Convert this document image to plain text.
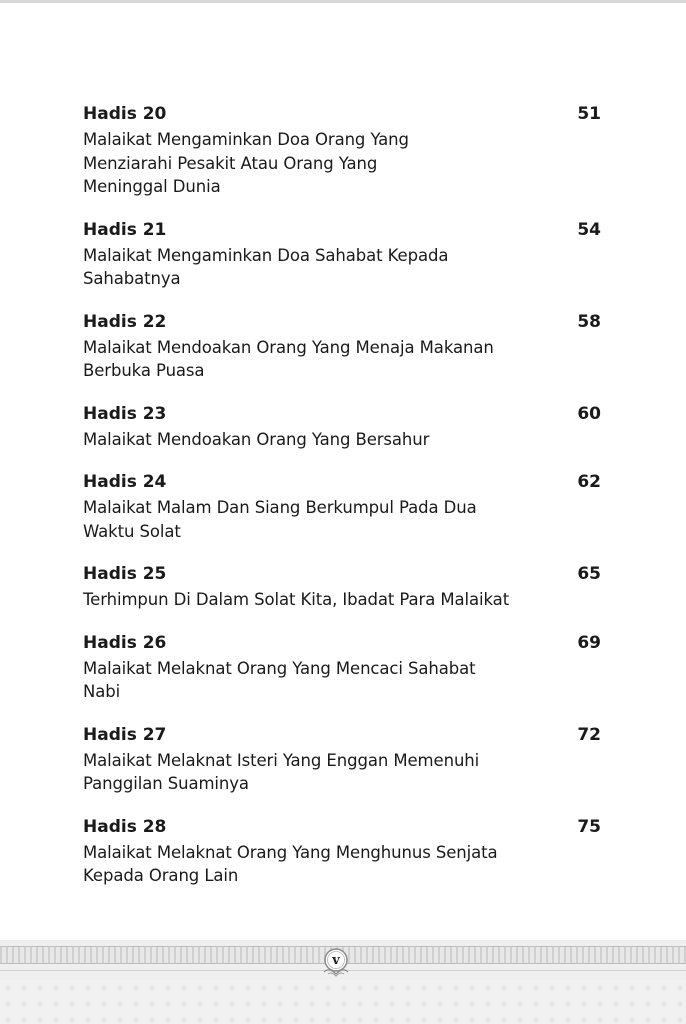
Hadis 20	51
Malaikat Mengaminkan Doa Orang Yang
Menziarahi Pesakit Atau Orang Yang
Meninggal Dunia
Hadis 21	54
Malaikat Mengaminkan Doa Sahabat Kepada
Sahabatnya
Hadis 22	58
Malaikat Mendoakan Orang Yang Menaja Makanan
Berbuka Puasa
Hadis 23	60
Malaikat Mendoakan Orang Yang Bersahur
Hadis 24	62
Malaikat Malam Dan Siang Berkumpul Pada Dua
Waktu Solat
Hadis 25	65
Terhimpun Di Dalam Solat Kita, Ibadat Para Malaikat
Hadis 26	69
Malaikat Melaknat Orang Yang Mencaci Sahabat
Nabi
Hadis 27	72
Malaikat Melaknat Isteri Yang Enggan Memenuhi
Panggilan Suaminya
Hadis 28	75
Malaikat Melaknat Orang Yang Menghunus Senjata
Kepada Orang Lain
v
